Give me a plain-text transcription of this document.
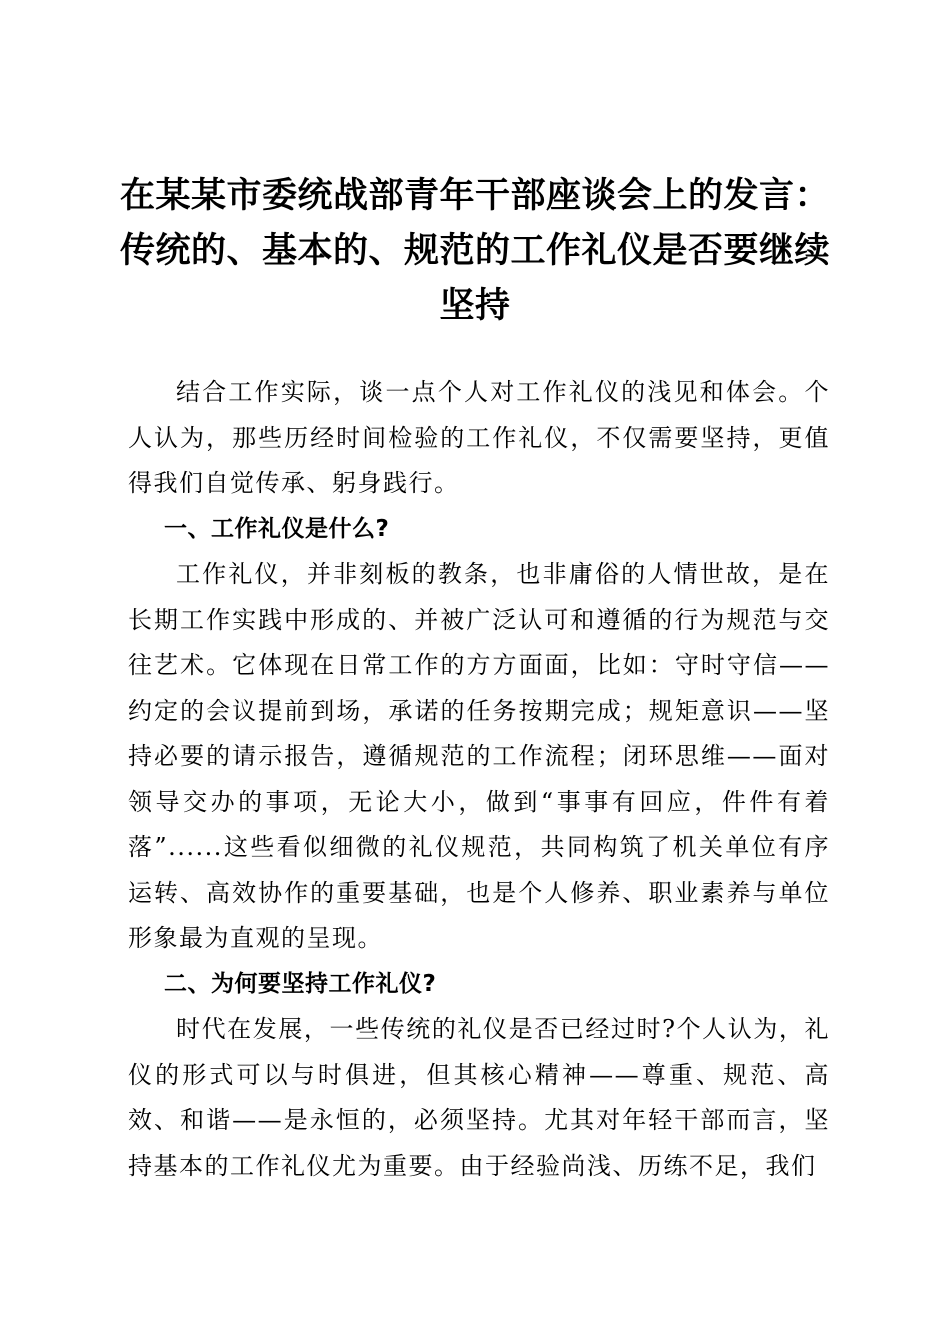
在某某市委统战部青年干部座谈会上的发言：
传统的、基本的、规范的工作礼仪是否要继续
坚持

结合工作实际，谈一点个人对工作礼仪的浅见和体会。个人认为，那些历经时间检验的工作礼仪，不仅需要坚持，更值得我们自觉传承、躬身践行。

一、工作礼仪是什么?

工作礼仪，并非刻板的教条，也非庸俗的人情世故，是在长期工作实践中形成的、并被广泛认可和遵循的行为规范与交往艺术。它体现在日常工作的方方面面，比如：守时守信——约定的会议提前到场，承诺的任务按期完成；规矩意识——坚持必要的请示报告，遵循规范的工作流程；闭环思维——面对领导交办的事项，无论大小，做到“事事有回应，件件有着落”......这些看似细微的礼仪规范，共同构筑了机关单位有序运转、高效协作的重要基础，也是个人修养、职业素养与单位形象最为直观的呈现。

二、为何要坚持工作礼仪?

时代在发展，一些传统的礼仪是否已经过时?个人认为，礼仪的形式可以与时俱进，但其核心精神——尊重、规范、高效、和谐——是永恒的，必须坚持。尤其对年轻干部而言，坚持基本的工作礼仪尤为重要。由于经验尚浅、历练不足，我们
